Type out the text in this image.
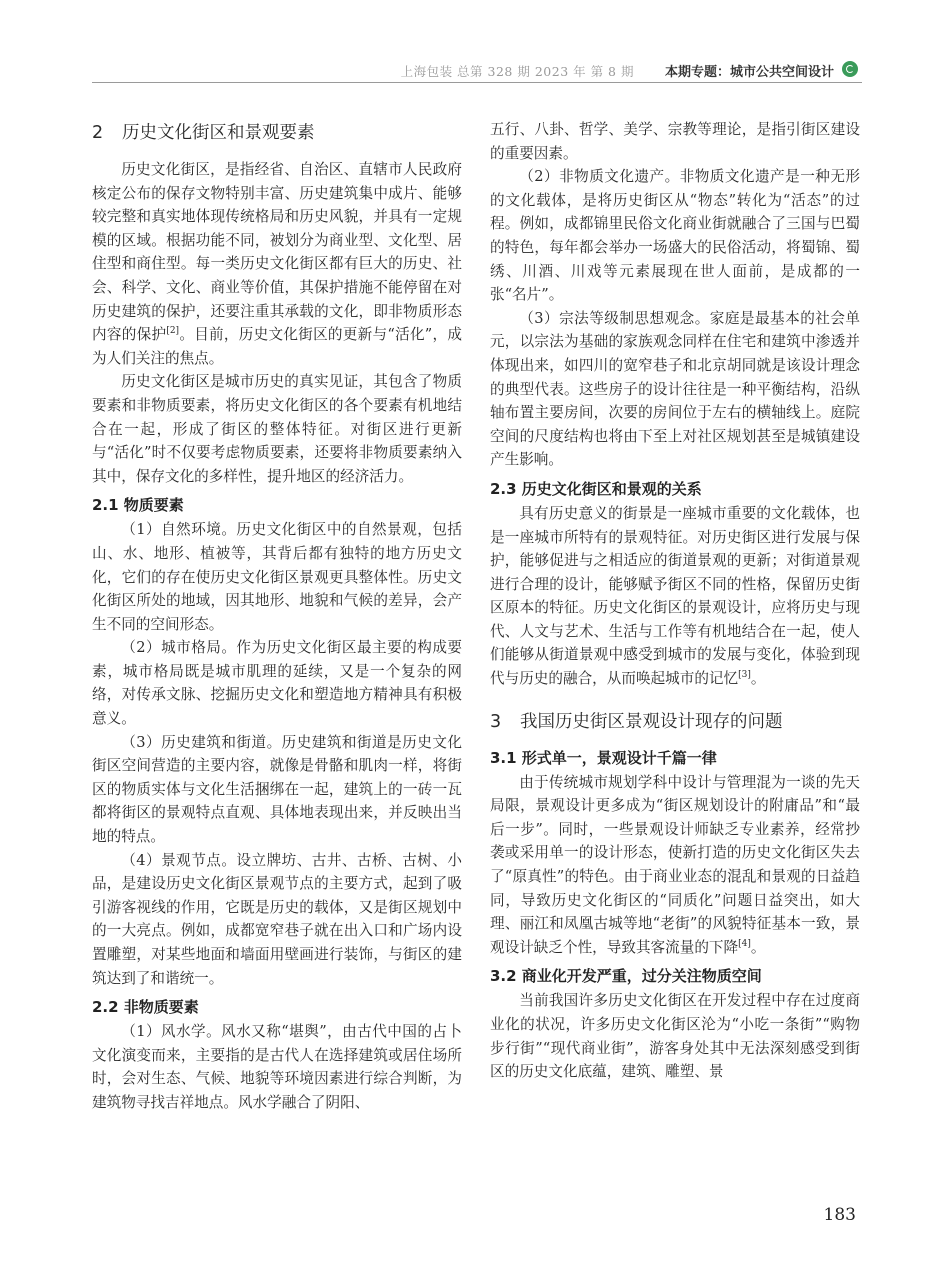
上海包装 总第 328 期 2023 年 第 8 期 本期专题：城市公共空间设计
2 历史文化街区和景观要素

历史文化街区，是指经省、自治区、直辖市人民政府核定公布的保存文物特别丰富、历史建筑集中成片、能够较完整和真实地体现传统格局和历史风貌，并具有一定规模的区域。根据功能不同，被划分为商业型、文化型、居住型和商住型。每一类历史文化街区都有巨大的历史、社会、科学、文化、商业等价值，其保护措施不能停留在对历史建筑的保护，还要注重其承载的文化，即非物质形态内容的保护[2]。目前，历史文化街区的更新与“活化”，成为人们关注的焦点。

历史文化街区是城市历史的真实见证，其包含了物质要素和非物质要素，将历史文化街区的各个要素有机地结合在一起，形成了街区的整体特征。对街区进行更新与“活化”时不仅要考虑物质要素，还要将非物质要素纳入其中，保存文化的多样性，提升地区的经济活力。

2.1 物质要素

（1）自然环境。历史文化街区中的自然景观，包括山、水、地形、植被等，其背后都有独特的地方历史文化，它们的存在使历史文化街区景观更具整体性。历史文化街区所处的地域，因其地形、地貌和气候的差异，会产生不同的空间形态。

（2）城市格局。作为历史文化街区最主要的构成要素，城市格局既是城市肌理的延续，又是一个复杂的网络，对传承文脉、挖掘历史文化和塑造地方精神具有积极意义。

（3）历史建筑和街道。历史建筑和街道是历史文化街区空间营造的主要内容，就像是骨骼和肌肉一样，将街区的物质实体与文化生活捆绑在一起，建筑上的一砖一瓦都将街区的景观特点直观、具体地表现出来，并反映出当地的特点。

（4）景观节点。设立牌坊、古井、古桥、古树、小品，是建设历史文化街区景观节点的主要方式，起到了吸引游客视线的作用，它既是历史的载体，又是街区规划中的一大亮点。例如，成都宽窄巷子就在出入口和广场内设置雕塑，对某些地面和墙面用壁画进行装饰，与街区的建筑达到了和谐统一。

2.2 非物质要素

（1）风水学。风水又称“堪舆”，由古代中国的占卜文化演变而来，主要指的是古代人在选择建筑或居住场所时，会对生态、气候、地貌等环境因素进行综合判断，为建筑物寻找吉祥地点。风水学融合了阴阳、

五行、八卦、哲学、美学、宗教等理论，是指引街区建设的重要因素。

（2）非物质文化遗产。非物质文化遗产是一种无形的文化载体，是将历史街区从“物态”转化为“活态”的过程。例如，成都锦里民俗文化商业街就融合了三国与巴蜀的特色，每年都会举办一场盛大的民俗活动，将蜀锦、蜀绣、川酒、川戏等元素展现在世人面前，是成都的一张“名片”。

（3）宗法等级制思想观念。家庭是最基本的社会单元，以宗法为基础的家族观念同样在住宅和建筑中渗透并体现出来，如四川的宽窄巷子和北京胡同就是该设计理念的典型代表。这些房子的设计往往是一种平衡结构，沿纵轴布置主要房间，次要的房间位于左右的横轴线上。庭院空间的尺度结构也将由下至上对社区规划甚至是城镇建设产生影响。

2.3 历史文化街区和景观的关系

具有历史意义的街景是一座城市重要的文化载体，也是一座城市所特有的景观特征。对历史街区进行发展与保护，能够促进与之相适应的街道景观的更新；对街道景观进行合理的设计，能够赋予街区不同的性格，保留历史街区原本的特征。历史文化街区的景观设计，应将历史与现代、人文与艺术、生活与工作等有机地结合在一起，使人们能够从街道景观中感受到城市的发展与变化，体验到现代与历史的融合，从而唤起城市的记忆[3]。

3 我国历史街区景观设计现存的问题
3.1 形式单一，景观设计千篇一律

由于传统城市规划学科中设计与管理混为一谈的先天局限，景观设计更多成为“街区规划设计的附庸品”和“最后一步”。同时，一些景观设计师缺乏专业素养，经常抄袭或采用单一的设计形态，使新打造的历史文化街区失去了“原真性”的特色。由于商业业态的混乱和景观的日益趋同，导致历史文化街区的“同质化”问题日益突出，如大理、丽江和凤凰古城等地“老街”的风貌特征基本一致，景观设计缺乏个性，导致其客流量的下降[4]。

3.2 商业化开发严重，过分关注物质空间

当前我国许多历史文化街区在开发过程中存在过度商业化的状况，许多历史文化街区沦为“小吃一条街”“购物步行街”“现代商业街”，游客身处其中无法深刻感受到街区的历史文化底蕴，建筑、雕塑、景

183
